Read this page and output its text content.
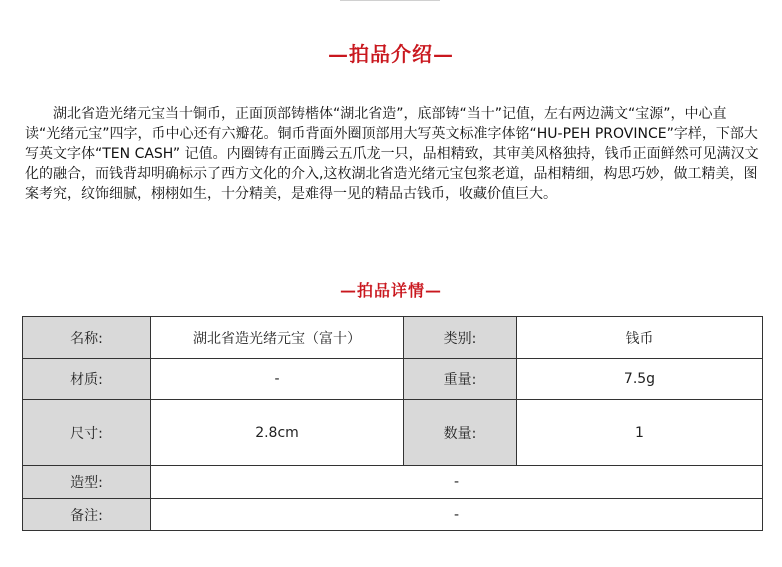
—拍品介绍—
湖北省造光绪元宝当十铜币，正面顶部铸楷体“湖北省造”，底部铸“当十”记值，左右两边满文“宝源”，中心直读“光绪元宝”四字，币中心还有六瓣花。铜币背面外圈顶部用大写英文标准字体铭“HU-PEH PROVINCE”字样，下部大写英文字体“TEN CASH” 记值。内圈铸有正面腾云五爪龙一只，品相精致，其审美风格独持，钱币正面鲜然可见满汉文化的融合，而钱背却明确标示了西方文化的介入,这枚湖北省造光绪元宝包浆老道，品相精细，构思巧妙，做工精美，图案考究，纹饰细腻，栩栩如生，十分精美，是难得一见的精品古钱币，收藏价值巨大。
—拍品详情—
名称:	湖北省造光绪元宝（富十）	类别:	钱币
材质:	-	重量:	7.5g
尺寸:	2.8cm	数量:	1
造型:	-		
备注:	-		
